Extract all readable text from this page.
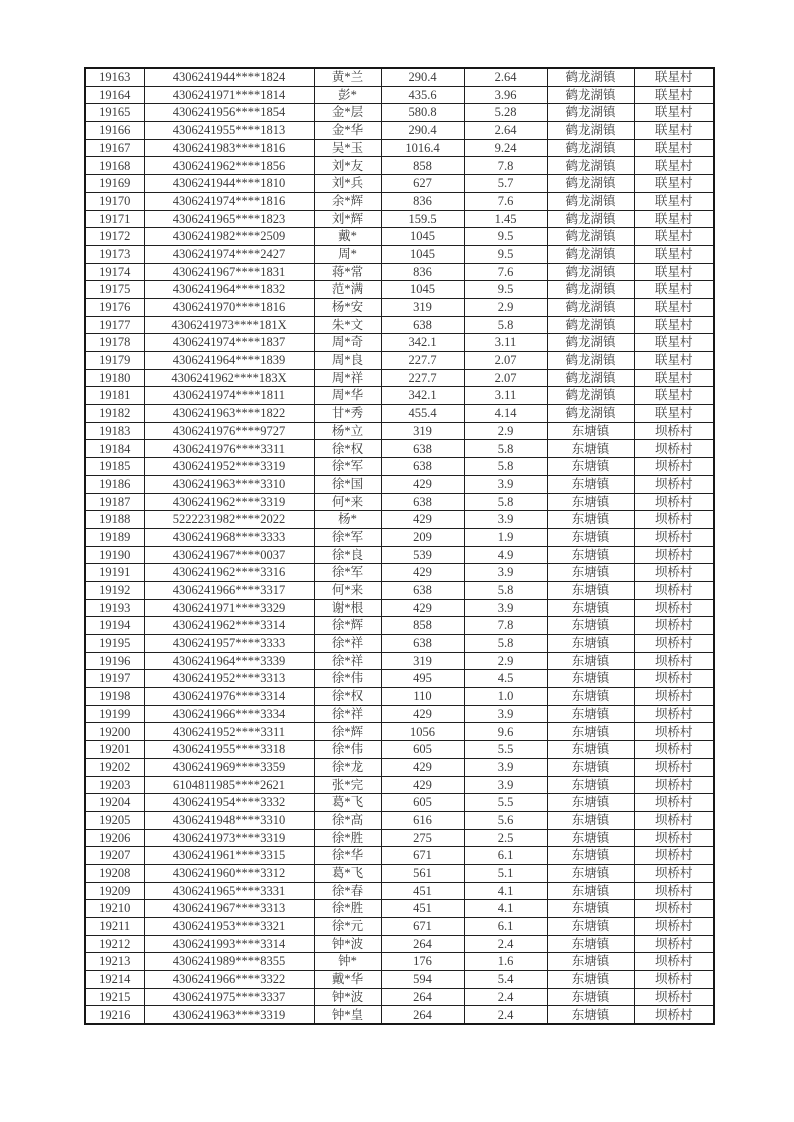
19163	4306241944****1824	黄*兰	290.4	2.64	鹤龙湖镇	联星村
19164	4306241971****1814	彭*	435.6	3.96	鹤龙湖镇	联星村
19165	4306241956****1854	金*层	580.8	5.28	鹤龙湖镇	联星村
19166	4306241955****1813	金*华	290.4	2.64	鹤龙湖镇	联星村
19167	4306241983****1816	吴*玉	1016.4	9.24	鹤龙湖镇	联星村
19168	4306241962****1856	刘*友	858	7.8	鹤龙湖镇	联星村
19169	4306241944****1810	刘*兵	627	5.7	鹤龙湖镇	联星村
19170	4306241974****1816	余*辉	836	7.6	鹤龙湖镇	联星村
19171	4306241965****1823	刘*辉	159.5	1.45	鹤龙湖镇	联星村
19172	4306241982****2509	戴*	1045	9.5	鹤龙湖镇	联星村
19173	4306241974****2427	周*	1045	9.5	鹤龙湖镇	联星村
19174	4306241967****1831	蒋*常	836	7.6	鹤龙湖镇	联星村
19175	4306241964****1832	范*满	1045	9.5	鹤龙湖镇	联星村
19176	4306241970****1816	杨*安	319	2.9	鹤龙湖镇	联星村
19177	4306241973****181X	朱*文	638	5.8	鹤龙湖镇	联星村
19178	4306241974****1837	周*奇	342.1	3.11	鹤龙湖镇	联星村
19179	4306241964****1839	周*良	227.7	2.07	鹤龙湖镇	联星村
19180	4306241962****183X	周*祥	227.7	2.07	鹤龙湖镇	联星村
19181	4306241974****1811	周*华	342.1	3.11	鹤龙湖镇	联星村
19182	4306241963****1822	甘*秀	455.4	4.14	鹤龙湖镇	联星村
19183	4306241976****9727	杨*立	319	2.9	东塘镇	坝桥村
19184	4306241976****3311	徐*权	638	5.8	东塘镇	坝桥村
19185	4306241952****3319	徐*军	638	5.8	东塘镇	坝桥村
19186	4306241963****3310	徐*国	429	3.9	东塘镇	坝桥村
19187	4306241962****3319	何*来	638	5.8	东塘镇	坝桥村
19188	5222231982****2022	杨*	429	3.9	东塘镇	坝桥村
19189	4306241968****3333	徐*军	209	1.9	东塘镇	坝桥村
19190	4306241967****0037	徐*良	539	4.9	东塘镇	坝桥村
19191	4306241962****3316	徐*军	429	3.9	东塘镇	坝桥村
19192	4306241966****3317	何*来	638	5.8	东塘镇	坝桥村
19193	4306241971****3329	谢*根	429	3.9	东塘镇	坝桥村
19194	4306241962****3314	徐*辉	858	7.8	东塘镇	坝桥村
19195	4306241957****3333	徐*祥	638	5.8	东塘镇	坝桥村
19196	4306241964****3339	徐*祥	319	2.9	东塘镇	坝桥村
19197	4306241952****3313	徐*伟	495	4.5	东塘镇	坝桥村
19198	4306241976****3314	徐*权	110	1.0	东塘镇	坝桥村
19199	4306241966****3334	徐*祥	429	3.9	东塘镇	坝桥村
19200	4306241952****3311	徐*辉	1056	9.6	东塘镇	坝桥村
19201	4306241955****3318	徐*伟	605	5.5	东塘镇	坝桥村
19202	4306241969****3359	徐*龙	429	3.9	东塘镇	坝桥村
19203	6104811985****2621	张*完	429	3.9	东塘镇	坝桥村
19204	4306241954****3332	葛*飞	605	5.5	东塘镇	坝桥村
19205	4306241948****3310	徐*高	616	5.6	东塘镇	坝桥村
19206	4306241973****3319	徐*胜	275	2.5	东塘镇	坝桥村
19207	4306241961****3315	徐*华	671	6.1	东塘镇	坝桥村
19208	4306241960****3312	葛*飞	561	5.1	东塘镇	坝桥村
19209	4306241965****3331	徐*春	451	4.1	东塘镇	坝桥村
19210	4306241967****3313	徐*胜	451	4.1	东塘镇	坝桥村
19211	4306241953****3321	徐*元	671	6.1	东塘镇	坝桥村
19212	4306241993****3314	钟*波	264	2.4	东塘镇	坝桥村
19213	4306241989****8355	钟*	176	1.6	东塘镇	坝桥村
19214	4306241966****3322	戴*华	594	5.4	东塘镇	坝桥村
19215	4306241975****3337	钟*波	264	2.4	东塘镇	坝桥村
19216	4306241963****3319	钟*皇	264	2.4	东塘镇	坝桥村
